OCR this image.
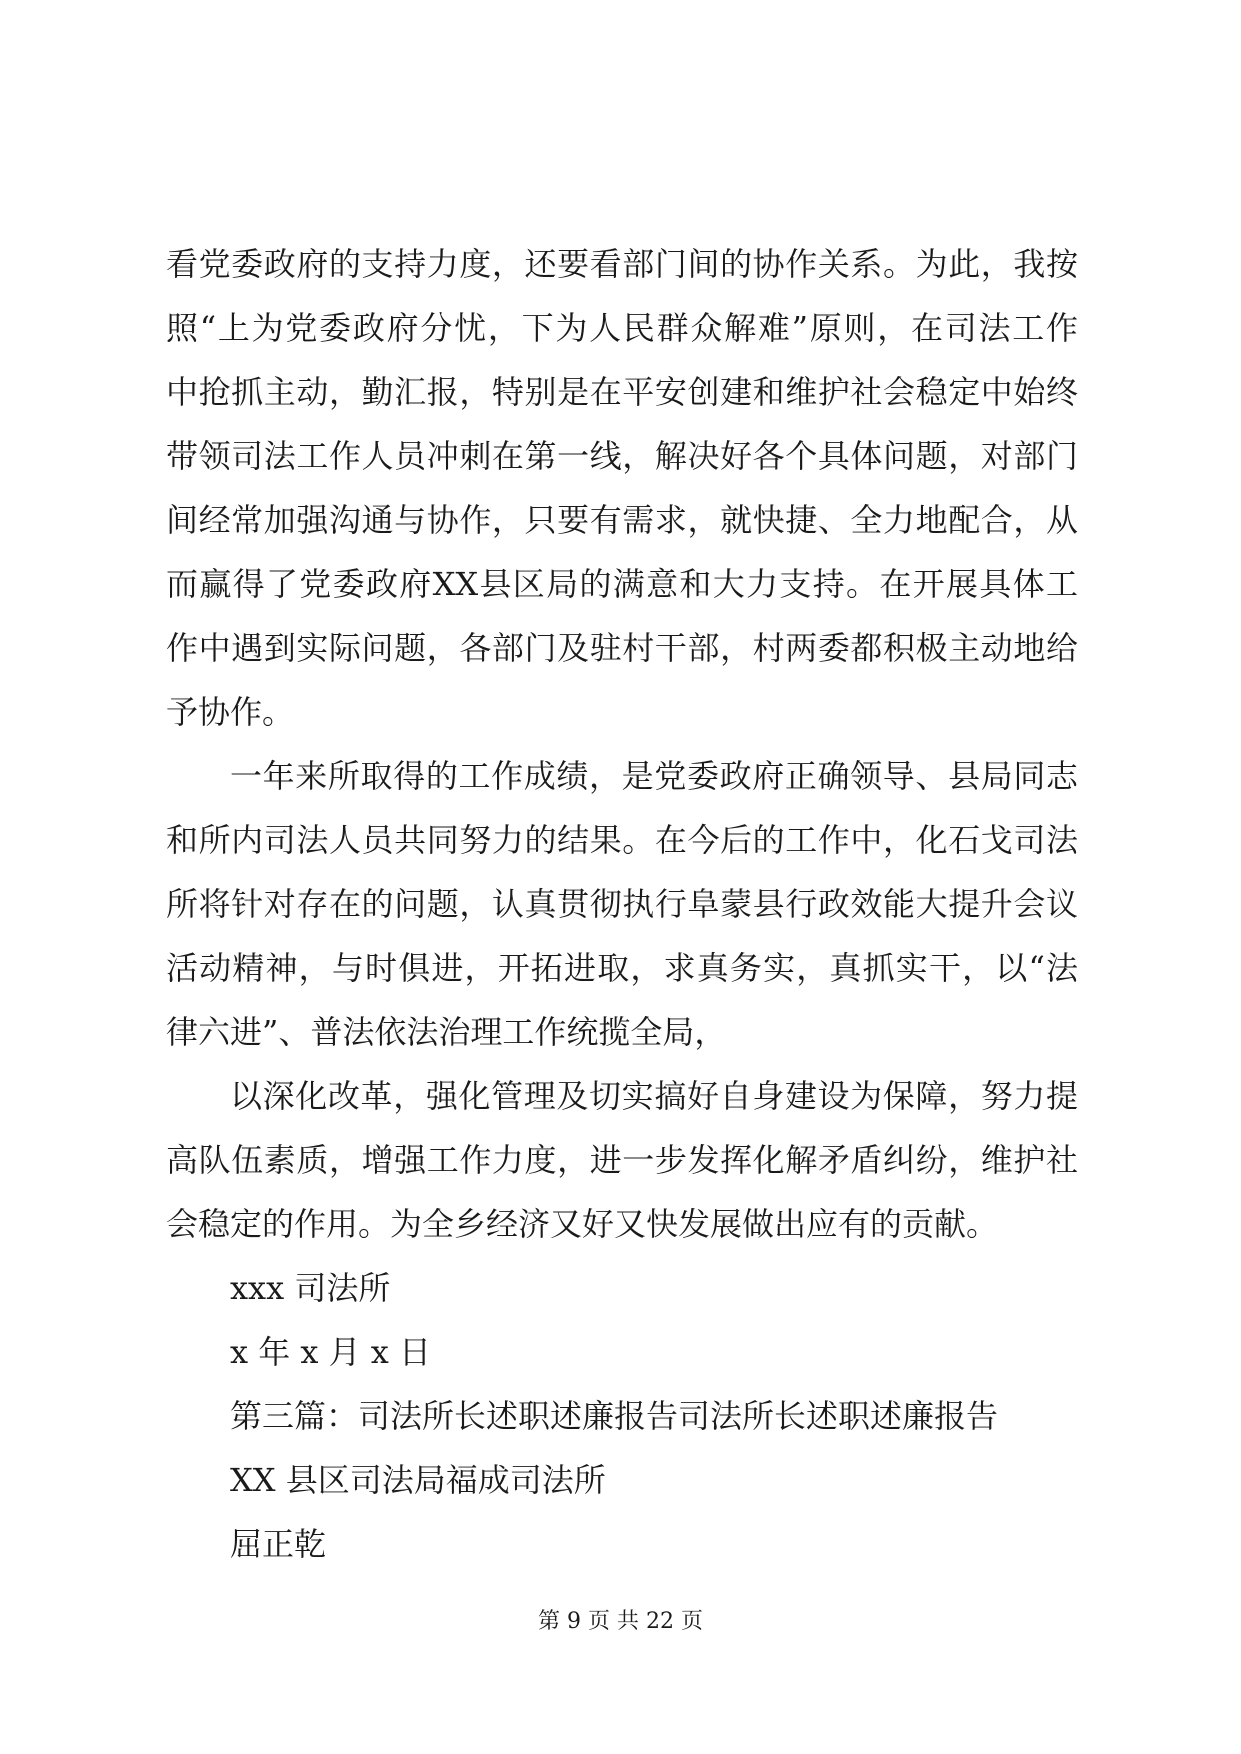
看党委政府的支持力度，还要看部门间的协作关系。为此，我按
照“上为党委政府分忧，下为人民群众解难”原则，在司法工作
中抢抓主动，勤汇报，特别是在平安创建和维护社会稳定中始终
带领司法工作人员冲刺在第一线，解决好各个具体问题，对部门
间经常加强沟通与协作，只要有需求，就快捷、全力地配合，从
而赢得了党委政府XX县区局的满意和大力支持。在开展具体工
作中遇到实际问题，各部门及驻村干部，村两委都积极主动地给
予协作。
一年来所取得的工作成绩，是党委政府正确领导、县局同志
和所内司法人员共同努力的结果。在今后的工作中，化石戈司法
所将针对存在的问题，认真贯彻执行阜蒙县行政效能大提升会议
活动精神，与时俱进，开拓进取，求真务实，真抓实干，以“法
律六进”、普法依法治理工作统揽全局，
以深化改革，强化管理及切实搞好自身建设为保障，努力提
高队伍素质，增强工作力度，进一步发挥化解矛盾纠纷，维护社
会稳定的作用。为全乡经济又好又快发展做出应有的贡献。
xxx 司法所
x 年 x 月 x 日
第三篇：司法所长述职述廉报告司法所长述职述廉报告
XX 县区司法局福成司法所
屈正乾
第 9 页 共 22 页
